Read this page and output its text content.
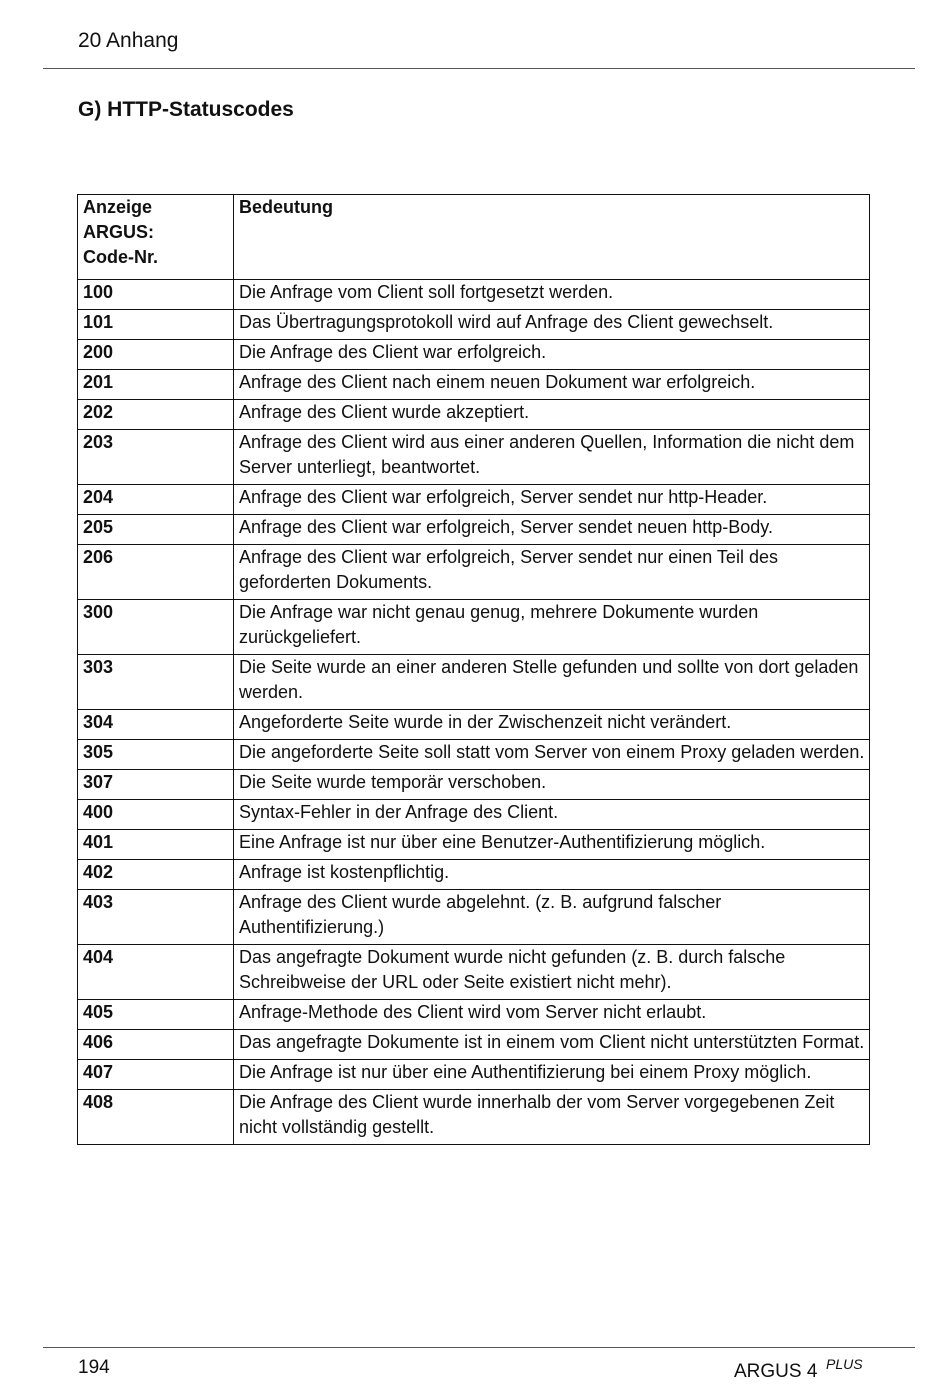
20 Anhang
G) HTTP-Statuscodes
Anzeige
ARGUS:
Code-Nr.	Bedeutung
100	Die Anfrage vom Client soll fortgesetzt werden.
101	Das Übertragungsprotokoll wird auf Anfrage des Client gewechselt.
200	Die Anfrage des Client war erfolgreich.
201	Anfrage des Client nach einem neuen Dokument war erfolgreich.
202	Anfrage des Client wurde akzeptiert.
203	Anfrage des Client wird aus einer anderen Quellen, Information die nicht dem Server unterliegt, beantwortet.
204	Anfrage des Client war erfolgreich, Server sendet nur http-Header.
205	Anfrage des Client war erfolgreich, Server sendet neuen http-Body.
206	Anfrage des Client war erfolgreich, Server sendet nur einen Teil des geforderten Dokuments.
300	Die Anfrage war nicht genau genug, mehrere Dokumente wurden zurückgeliefert.
303	Die Seite wurde an einer anderen Stelle gefunden und sollte von dort geladen werden.
304	Angeforderte Seite wurde in der Zwischenzeit nicht verändert.
305	Die angeforderte Seite soll statt vom Server von einem Proxy geladen werden.
307	Die Seite wurde temporär verschoben.
400	Syntax-Fehler in der Anfrage des Client.
401	Eine Anfrage ist nur über eine Benutzer-Authentifizierung möglich.
402	Anfrage ist kostenpflichtig.
403	Anfrage des Client wurde abgelehnt. (z. B. aufgrund falscher Authentifizierung.)
404	Das angefragte Dokument wurde nicht gefunden (z. B. durch falsche Schreibweise der URL oder Seite existiert nicht mehr).
405	Anfrage-Methode des Client wird vom Server nicht erlaubt.
406	Das angefragte Dokumente ist in einem vom Client nicht unterstützten Format.
407	Die Anfrage ist nur über eine Authentifizierung bei einem Proxy möglich.
408	Die Anfrage des Client wurde innerhalb der vom Server vorgegebenen Zeit nicht vollständig gestellt.
194	ARGUS 4 PLUS
